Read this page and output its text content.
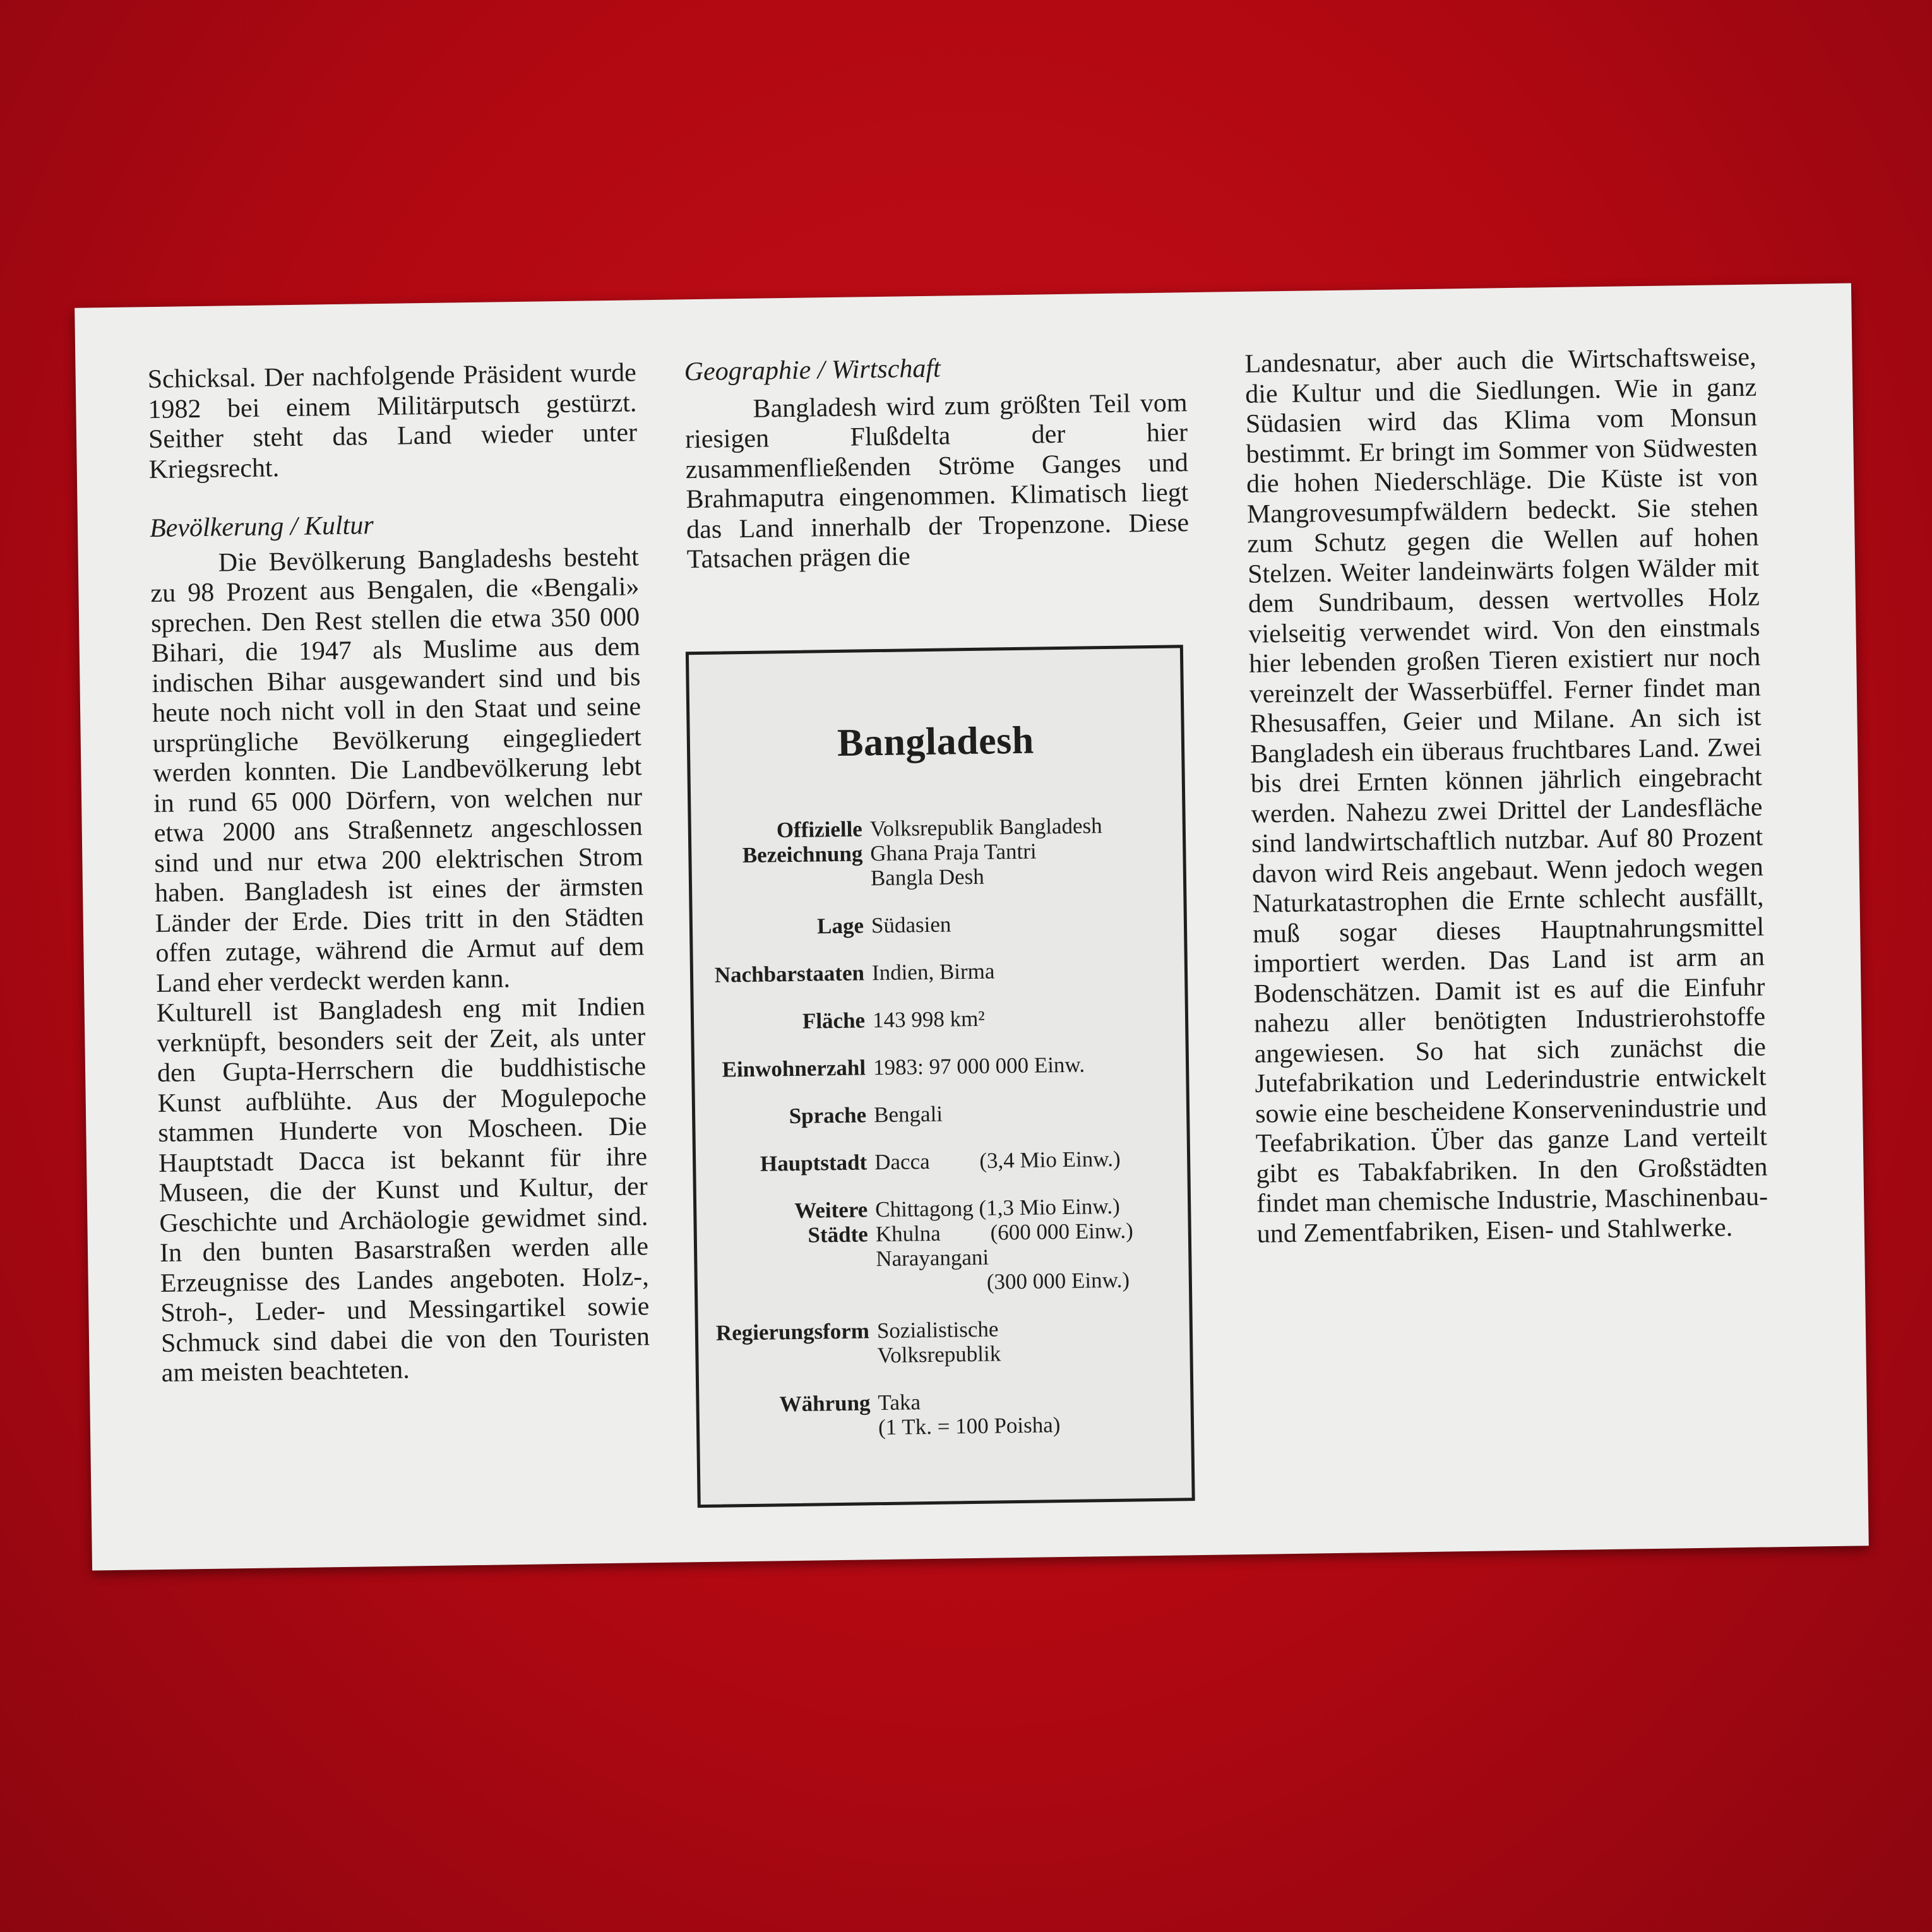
Schicksal. Der nachfolgende Präsident wurde 1982 bei einem Militärputsch gestürzt. Seither steht das Land wieder unter Kriegsrecht.

Bevölkerung / Kultur

Die Bevölkerung Bangladeshs besteht zu 98 Prozent aus Bengalen, die «Bengali» sprechen. Den Rest stellen die etwa 350 000 Bihari, die 1947 als Muslime aus dem indischen Bihar ausgewandert sind und bis heute noch nicht voll in den Staat und seine ursprüngliche Bevölkerung eingegliedert werden konnten. Die Landbevölkerung lebt in rund 65 000 Dörfern, von welchen nur etwa 2000 ans Straßennetz angeschlossen sind und nur etwa 200 elektrischen Strom haben. Bangladesh ist eines der ärmsten Länder der Erde. Dies tritt in den Städten offen zutage, während die Armut auf dem Land eher verdeckt werden kann.

Kulturell ist Bangladesh eng mit Indien verknüpft, besonders seit der Zeit, als unter den Gupta-Herrschern die buddhistische Kunst aufblühte. Aus der Mogulepoche stammen Hunderte von Moscheen. Die Hauptstadt Dacca ist bekannt für ihre Museen, die der Kunst und Kultur, der Geschichte und Archäologie gewidmet sind. In den bunten Basarstraßen werden alle Erzeugnisse des Landes angeboten. Holz-, Stroh-, Leder- und Messingartikel sowie Schmuck sind dabei die von den Touristen am meisten beachteten.

Geographie / Wirtschaft

Bangladesh wird zum größten Teil vom riesigen Flußdelta der hier zusammenfließenden Ströme Ganges und Brahmaputra eingenommen. Klimatisch liegt das Land innerhalb der Tropenzone. Diese Tatsachen prägen die

Bangladesh
Offizielle
Bezeichnung
Volksrepublik Bangladesh
Ghana Praja Tantri
Bangla Desh
Lage Südasien
Nachbarstaaten Indien, Birma
Fläche 143 998 km²
Einwohnerzahl 1983: 97 000 000 Einw.
Sprache Bengali
Hauptstadt Dacca         (3,4 Mio Einw.)
Weitere
Städte
Chittagong (1,3 Mio Einw.)
Khulna         (600 000 Einw.)
Narayangani
(300 000 Einw.)
Regierungsform Sozialistische
Volksrepublik
Währung Taka
(1 Tk. = 100 Poisha)

Landesnatur, aber auch die Wirtschaftsweise, die Kultur und die Siedlungen. Wie in ganz Südasien wird das Klima vom Monsun bestimmt. Er bringt im Sommer von Südwesten die hohen Niederschläge. Die Küste ist von Mangrovesumpfwäldern bedeckt. Sie stehen zum Schutz gegen die Wellen auf hohen Stelzen. Weiter landeinwärts folgen Wälder mit dem Sundribaum, dessen wertvolles Holz vielseitig verwendet wird. Von den einstmals hier lebenden großen Tieren existiert nur noch vereinzelt der Wasserbüffel. Ferner findet man Rhesusaffen, Geier und Milane. An sich ist Bangladesh ein überaus fruchtbares Land. Zwei bis drei Ernten können jährlich eingebracht werden. Nahezu zwei Drittel der Landesfläche sind landwirtschaftlich nutzbar. Auf 80 Prozent davon wird Reis angebaut. Wenn jedoch wegen Naturkatastrophen die Ernte schlecht ausfällt, muß sogar dieses Hauptnahrungsmittel importiert werden. Das Land ist arm an Bodenschätzen. Damit ist es auf die Einfuhr nahezu aller benötigten Industrierohstoffe angewiesen. So hat sich zunächst die Jutefabrikation und Lederindustrie entwickelt sowie eine bescheidene Konservenindustrie und Teefabrikation. Über das ganze Land verteilt gibt es Tabakfabriken. In den Großstädten findet man chemische Industrie, Maschinenbau- und Zementfabriken, Eisen- und Stahlwerke.
